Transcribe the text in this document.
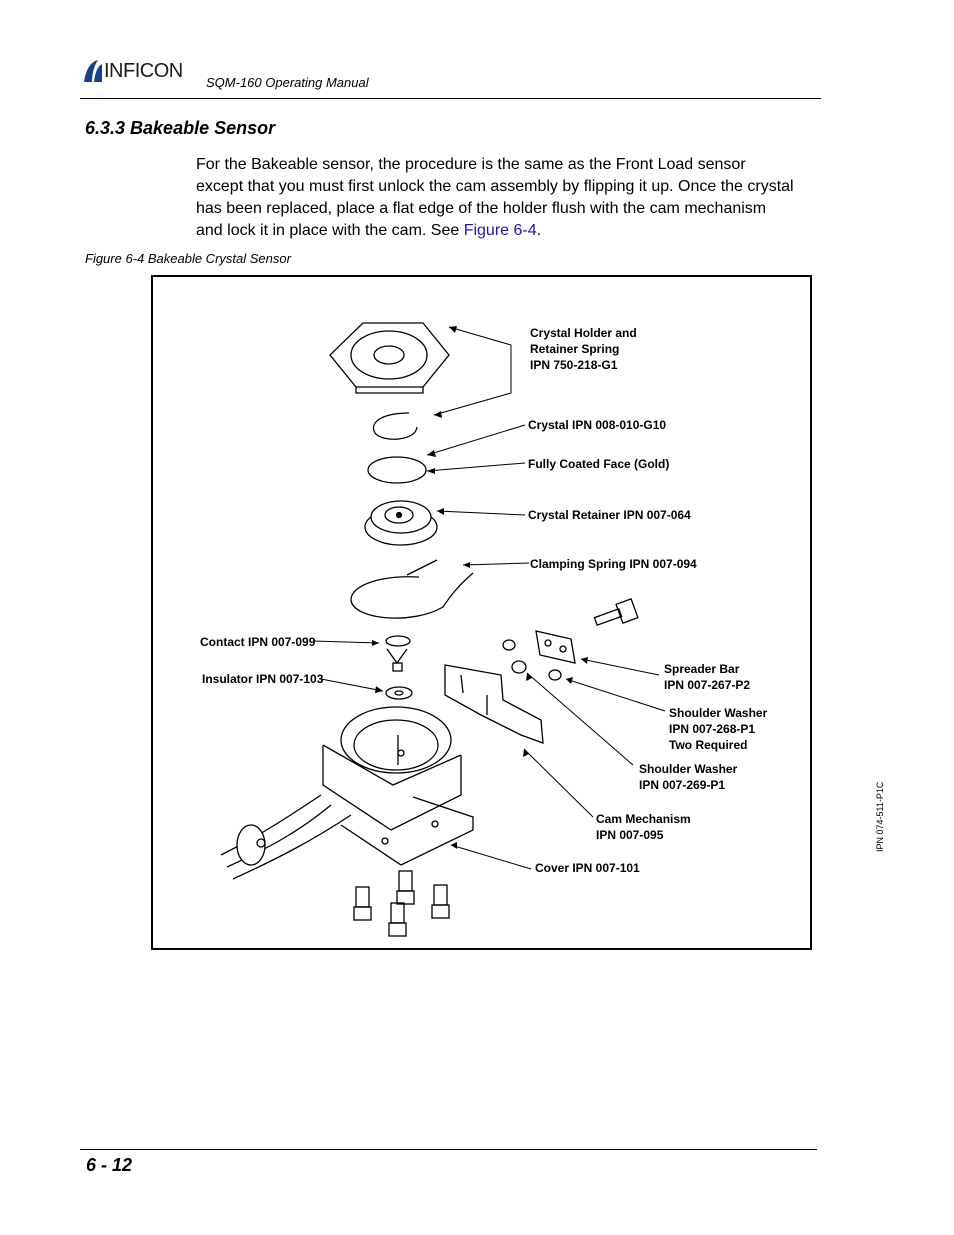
INFICON
SQM-160 Operating Manual
6.3.3 Bakeable Sensor
For the Bakeable sensor, the procedure is the same as the Front Load sensor except that you must first unlock the cam assembly by flipping it up. Once the crystal has been replaced, place a flat edge of the holder flush with the cam mechanism and lock it in place with the cam. See Figure 6-4.
Figure 6-4 Bakeable Crystal Sensor
Crystal Holder and
Retainer Spring
IPN 750-218-G1
Crystal IPN 008-010-G10
Fully Coated Face (Gold)
Crystal Retainer IPN 007-064
Clamping Spring IPN 007-094
Contact IPN 007-099
Insulator IPN 007-103
Spreader Bar
IPN 007-267-P2
Shoulder Washer
IPN 007-268-P1
Two Required
Shoulder Washer
IPN 007-269-P1
Cam Mechanism
IPN 007-095
Cover IPN 007-101
IPN 074-511-P1C
6 - 12
